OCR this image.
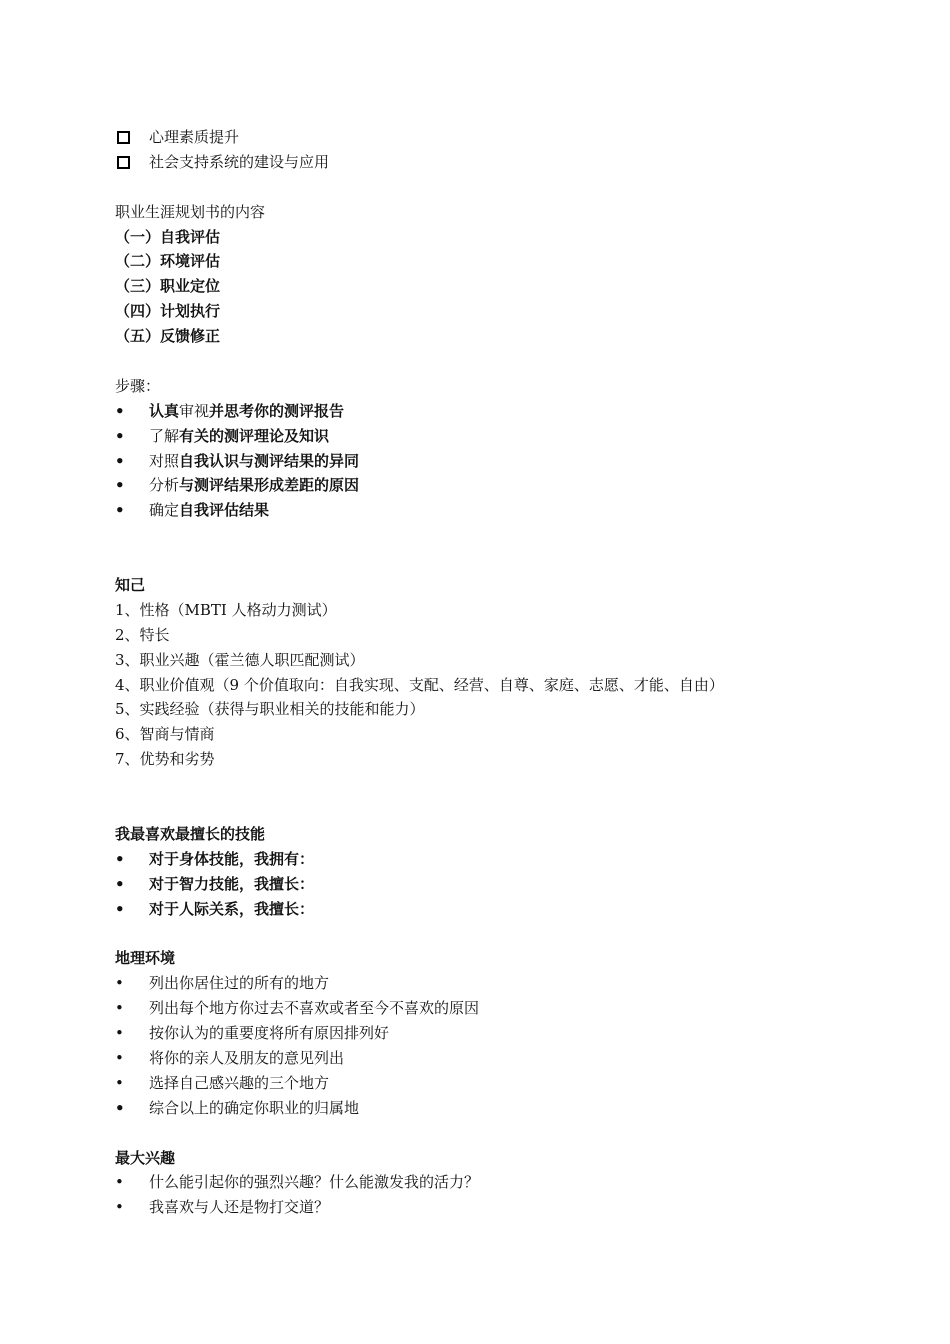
心理素质提升
社会支持系统的建设与应用
职业生涯规划书的内容
（一）自我评估
（二）环境评估
（三）职业定位
（四）计划执行
（五）反馈修正
步骤：
• 认真审视并思考你的测评报告
• 了解有关的测评理论及知识
• 对照自我认识与测评结果的异同
• 分析与测评结果形成差距的原因
• 确定自我评估结果
知己
1、性格（MBTI 人格动力测试）
2、特长
3、职业兴趣（霍兰德人职匹配测试）
4、职业价值观（9 个价值取向：自我实现、支配、经营、自尊、家庭、志愿、才能、自由）
5、实践经验（获得与职业相关的技能和能力）
6、智商与情商
7、优势和劣势
我最喜欢最擅长的技能
• 对于身体技能，我拥有：
• 对于智力技能，我擅长：
• 对于人际关系，我擅长：
地理环境
•	列出你居住过的所有的地方
•	列出每个地方你过去不喜欢或者至今不喜欢的原因
•	按你认为的重要度将所有原因排列好
•	将你的亲人及朋友的意见列出
•	选择自己感兴趣的三个地方
• 综合以上的确定你职业的归属地
最大兴趣
•	什么能引起你的强烈兴趣？什么能激发我的活力？
•	我喜欢与人还是物打交道？
